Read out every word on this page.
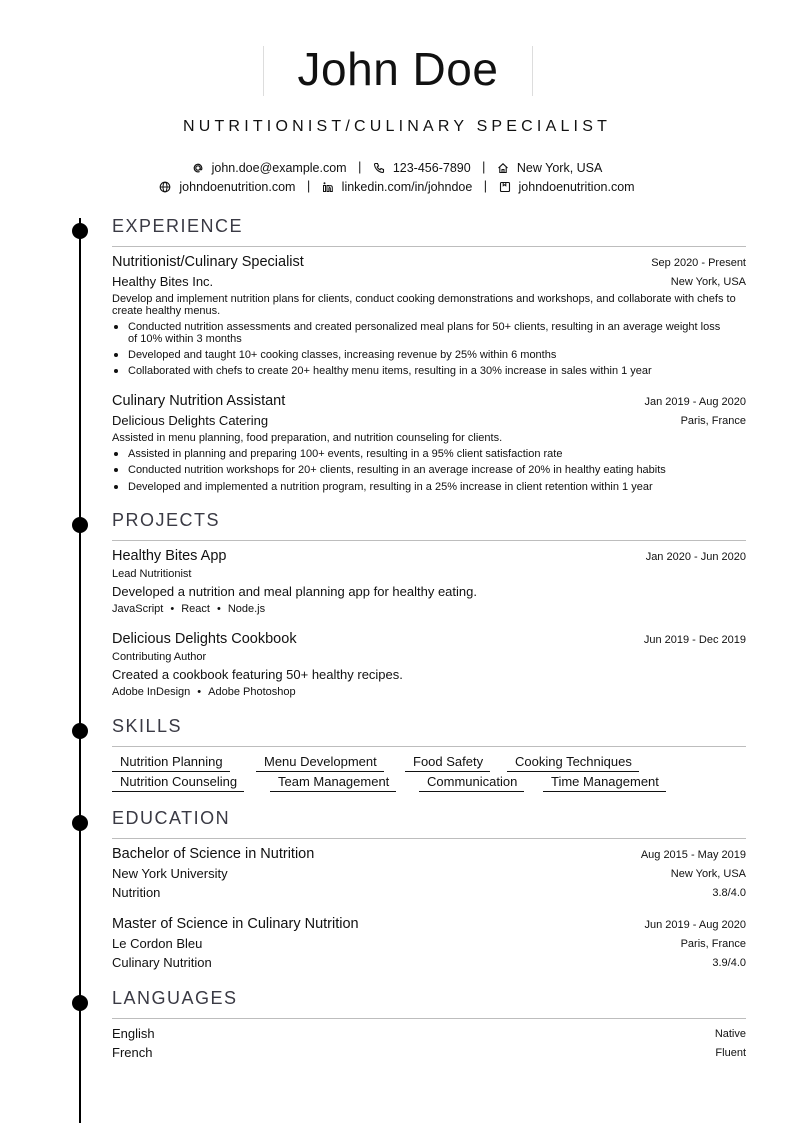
John Doe
NUTRITIONIST/CULINARY SPECIALIST
john.doe@example.com |	123-456-7890 |	New York, USA
johndoenutrition.com |	linkedin.com/in/johndoe |	johndoenutrition.com
EXPERIENCE
Nutritionist/Culinary Specialist	Sep 2020 - Present
Healthy Bites Inc.	New York, USA
Develop and implement nutrition plans for clients, conduct cooking demonstrations and workshops, and collaborate with chefs to create healthy menus.
Conducted nutrition assessments and created personalized meal plans for 50+ clients, resulting in an average weight loss of 10% within 3 months
Developed and taught 10+ cooking classes, increasing revenue by 25% within 6 months
Collaborated with chefs to create 20+ healthy menu items, resulting in a 30% increase in sales within 1 year
Culinary Nutrition Assistant	Jan 2019 - Aug 2020
Delicious Delights Catering	Paris, France
Assisted in menu planning, food preparation, and nutrition counseling for clients.
Assisted in planning and preparing 100+ events, resulting in a 95% client satisfaction rate
Conducted nutrition workshops for 20+ clients, resulting in an average increase of 20% in healthy eating habits
Developed and implemented a nutrition program, resulting in a 25% increase in client retention within 1 year
PROJECTS
Healthy Bites App	Jan 2020 - Jun 2020
Lead Nutritionist
Developed a nutrition and meal planning app for healthy eating.
JavaScript • React • Node.js
Delicious Delights Cookbook	Jun 2019 - Dec 2019
Contributing Author
Created a cookbook featuring 50+ healthy recipes.
Adobe InDesign • Adobe Photoshop
SKILLS
Nutrition Planning	Menu Development	Food Safety	Cooking Techniques
Nutrition Counseling	Team Management	Communication	Time Management
EDUCATION
Bachelor of Science in Nutrition	Aug 2015 - May 2019
New York University	New York, USA
Nutrition	3.8/4.0
Master of Science in Culinary Nutrition	Jun 2019 - Aug 2020
Le Cordon Bleu	Paris, France
Culinary Nutrition	3.9/4.0
LANGUAGES
English	Native
French	Fluent
